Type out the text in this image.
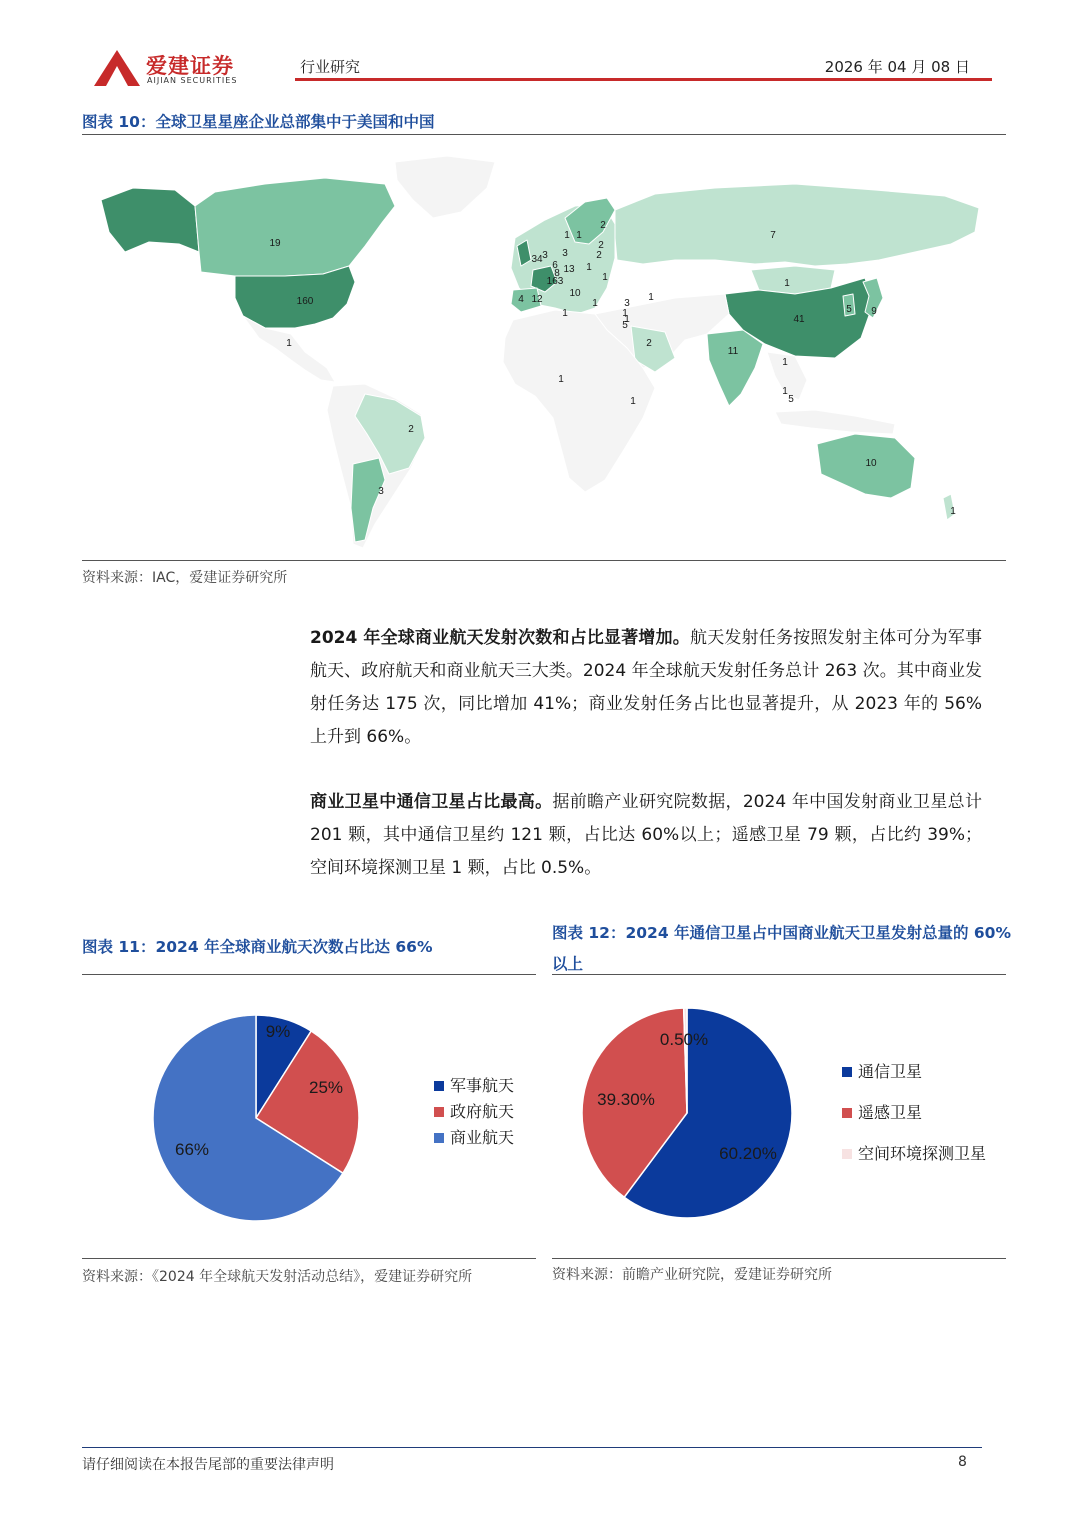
爱建证券
AIJIAN SECURITIES
行业研究	2026 年 04 月 08 日
图表 10：全球卫星星座企业总部集中于美国和中国
19
160
1
2
3
7
1
41
5 9
11
1
1
5
10
1
2
1
1
34
163
13
12
4
10
3
1 1
2
2
2
6
8
3
1
1
1
5
1
1
1
1
3
资料来源：IAC，爱建证券研究所
2024 年全球商业航天发射次数和占比显著增加。航天发射任务按照发射主体可分为军事航天、政府航天和商业航天三大类。2024 年全球航天发射任务总计 263 次。其中商业发射任务达 175 次，同比增加 41%；商业发射任务占比也显著提升，从 2023 年的 56%上升到 66%。
商业卫星中通信卫星占比最高。据前瞻产业研究院数据，2024 年中国发射商业卫星总计 201 颗，其中通信卫星约 121 颗，占比达 60%以上；遥感卫星 79 颗，占比约 39%；空间环境探测卫星 1 颗，占比 0.5%。
图表 11：2024 年全球商业航天次数占比达 66%
图表 12：2024 年通信卫星占中国商业航天卫星发射总量的 60%以上
9%
25%
66%
军事航天
政府航天
商业航天
60.20%
39.30%
0.50%
通信卫星
遥感卫星
空间环境探测卫星
资料来源：《2024 年全球航天发射活动总结》，爱建证券研究所	资料来源：前瞻产业研究院，爱建证券研究所
请仔细阅读在本报告尾部的重要法律声明	8
